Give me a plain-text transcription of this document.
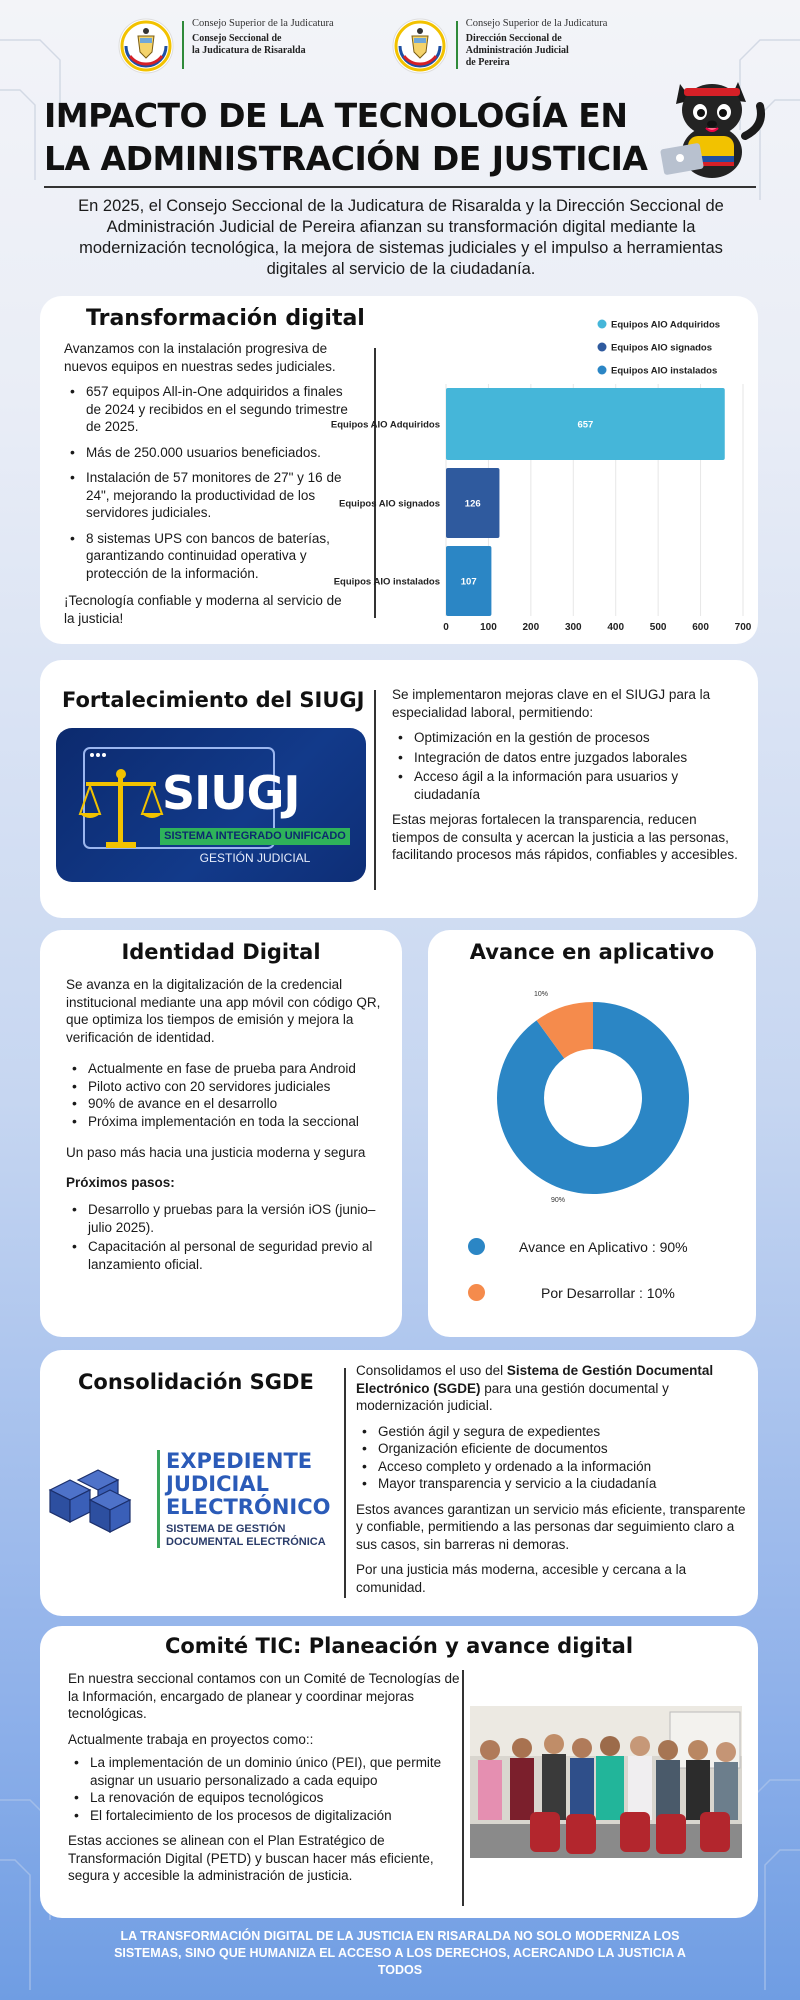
Consejo Superior de la Judicatura
Consejo Seccional de
la Judicatura de Risaralda
Consejo Superior de la Judicatura
Dirección Seccional de
Administración Judicial
de Pereira
IMPACTO DE LA TECNOLOGÍA EN
LA ADMINISTRACIÓN DE JUSTICIA
En 2025, el Consejo Seccional de la Judicatura de Risaralda y la Dirección Seccional de Administración Judicial de Pereira afianzan su transformación digital mediante la modernización tecnológica, la mejora de sistemas judiciales y el impulso a herramientas digitales al servicio de la ciudadanía.
Transformación digital

Avanzamos con la instalación progresiva de nuevos equipos en nuestras sedes judiciales.

• 657 equipos All-in-One adquiridos a finales de 2024 y recibidos en el segundo trimestre de 2025.
• Más de 250.000 usuarios beneficiados.
• Instalación de 57 monitores de 27" y 16 de 24", mejorando la productividad de los servidores judiciales.
• 8 sistemas UPS con bancos de baterías, garantizando continuidad operativa y protección de la información.

¡Tecnología confiable y moderna al servicio de la justicia!

Equipos AIO Adquiridos
Equipos AIO signados
Equipos AIO instalados
0	100	200	300	400	500	600	700
Equipos AIO Adquiridos	657
Equipos AIO signados	126
Equipos AIO instalados 107
Fortalecimiento del SIUGJ
SIUGJ
SISTEMA INTEGRADO UNIFICADO
GESTIÓN JUDICIAL

Se implementaron mejoras clave en el SIUGJ para la especialidad laboral, permitiendo:

• Optimización en la gestión de procesos
• Integración de datos entre juzgados laborales
• Acceso ágil a la información para usuarios y ciudadanía

Estas mejoras fortalecen la transparencia, reducen tiempos de consulta y acercan la justicia a las personas, facilitando procesos más rápidos, confiables y accesibles.

Identidad Digital

Se avanza en la digitalización de la credencial institucional mediante una app móvil con código QR, que optimiza los tiempos de emisión y mejora la verificación de identidad.

• Actualmente en fase de prueba para Android
• Piloto activo con 20 servidores judiciales
• 90% de avance en el desarrollo
• Próxima implementación en toda la seccional

Un paso más hacia una justicia moderna y segura

Próximos pasos:

• Desarrollo y pruebas para la versión iOS (junio–julio 2025).
• Capacitación al personal de seguridad previo al lanzamiento oficial.
Avance en aplicativo
90%
10%
Avance en Aplicativo : 90%
Por Desarrollar : 10%
Consolidación SGDE
EXPEDIENTE
JUDICIAL
ELECTRÓNICO
SISTEMA DE GESTIÓN
DOCUMENTAL ELECTRÓNICA

Consolidamos el uso del Sistema de Gestión Documental Electrónico (SGDE) para una gestión documental y modernización judicial.

• Gestión ágil y segura de expedientes
• Organización eficiente de documentos
• Acceso completo y ordenado a la información
• Mayor transparencia y servicio a la ciudadanía

Estos avances garantizan un servicio más eficiente, transparente y confiable, permitiendo a las personas dar seguimiento claro a sus casos, sin barreras ni demoras.

Por una justicia más moderna, accesible y cercana a la comunidad.

Comité TIC: Planeación y avance digital

En nuestra seccional contamos con un Comité de Tecnologías de la Información, encargado de planear y coordinar mejoras tecnológicas.

Actualmente trabaja en proyectos como::

• La implementación de un dominio único (PEI), que permite asignar un usuario personalizado a cada equipo
• La renovación de equipos tecnológicos
• El fortalecimiento de los procesos de digitalización

Estas acciones se alinean con el Plan Estratégico de Transformación Digital (PETD) y buscan hacer más eficiente, segura y accesible la administración de justicia.

LA TRANSFORMACIÓN DIGITAL DE LA JUSTICIA EN RISARALDA NO SOLO MODERNIZA LOS SISTEMAS, SINO QUE HUMANIZA EL ACCESO A LOS DERECHOS, ACERCANDO LA JUSTICIA A TODOS
